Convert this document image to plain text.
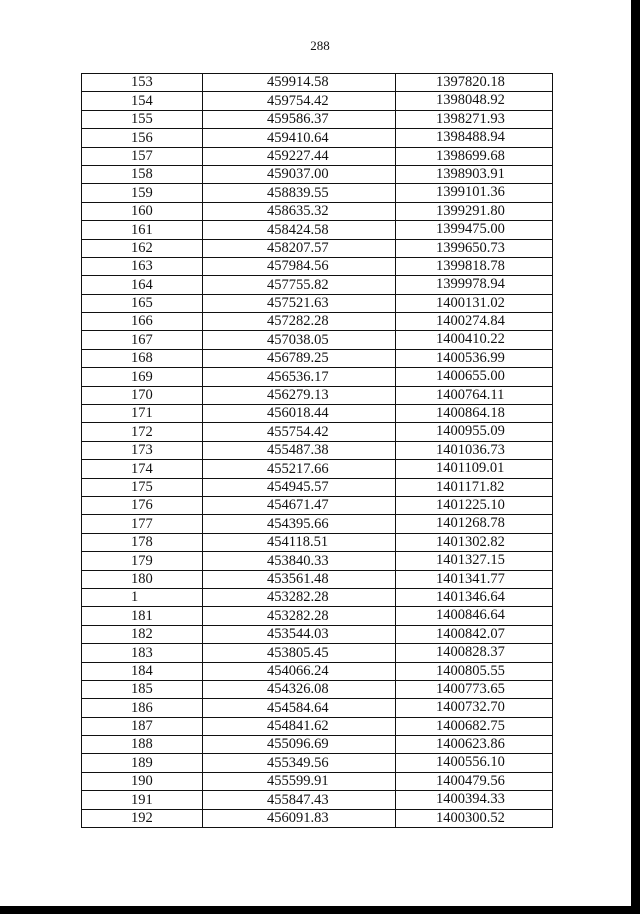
288
153	459914.58	1397820.18
154	459754.42	1398048.92
155	459586.37	1398271.93
156	459410.64	1398488.94
157	459227.44	1398699.68
158	459037.00	1398903.91
159	458839.55	1399101.36
160	458635.32	1399291.80
161	458424.58	1399475.00
162	458207.57	1399650.73
163	457984.56	1399818.78
164	457755.82	1399978.94
165	457521.63	1400131.02
166	457282.28	1400274.84
167	457038.05	1400410.22
168	456789.25	1400536.99
169	456536.17	1400655.00
170	456279.13	1400764.11
171	456018.44	1400864.18
172	455754.42	1400955.09
173	455487.38	1401036.73
174	455217.66	1401109.01
175	454945.57	1401171.82
176	454671.47	1401225.10
177	454395.66	1401268.78
178	454118.51	1401302.82
179	453840.33	1401327.15
180	453561.48	1401341.77
1	453282.28	1401346.64
181	453282.28	1400846.64
182	453544.03	1400842.07
183	453805.45	1400828.37
184	454066.24	1400805.55
185	454326.08	1400773.65
186	454584.64	1400732.70
187	454841.62	1400682.75
188	455096.69	1400623.86
189	455349.56	1400556.10
190	455599.91	1400479.56
191	455847.43	1400394.33
192	456091.83	1400300.52
